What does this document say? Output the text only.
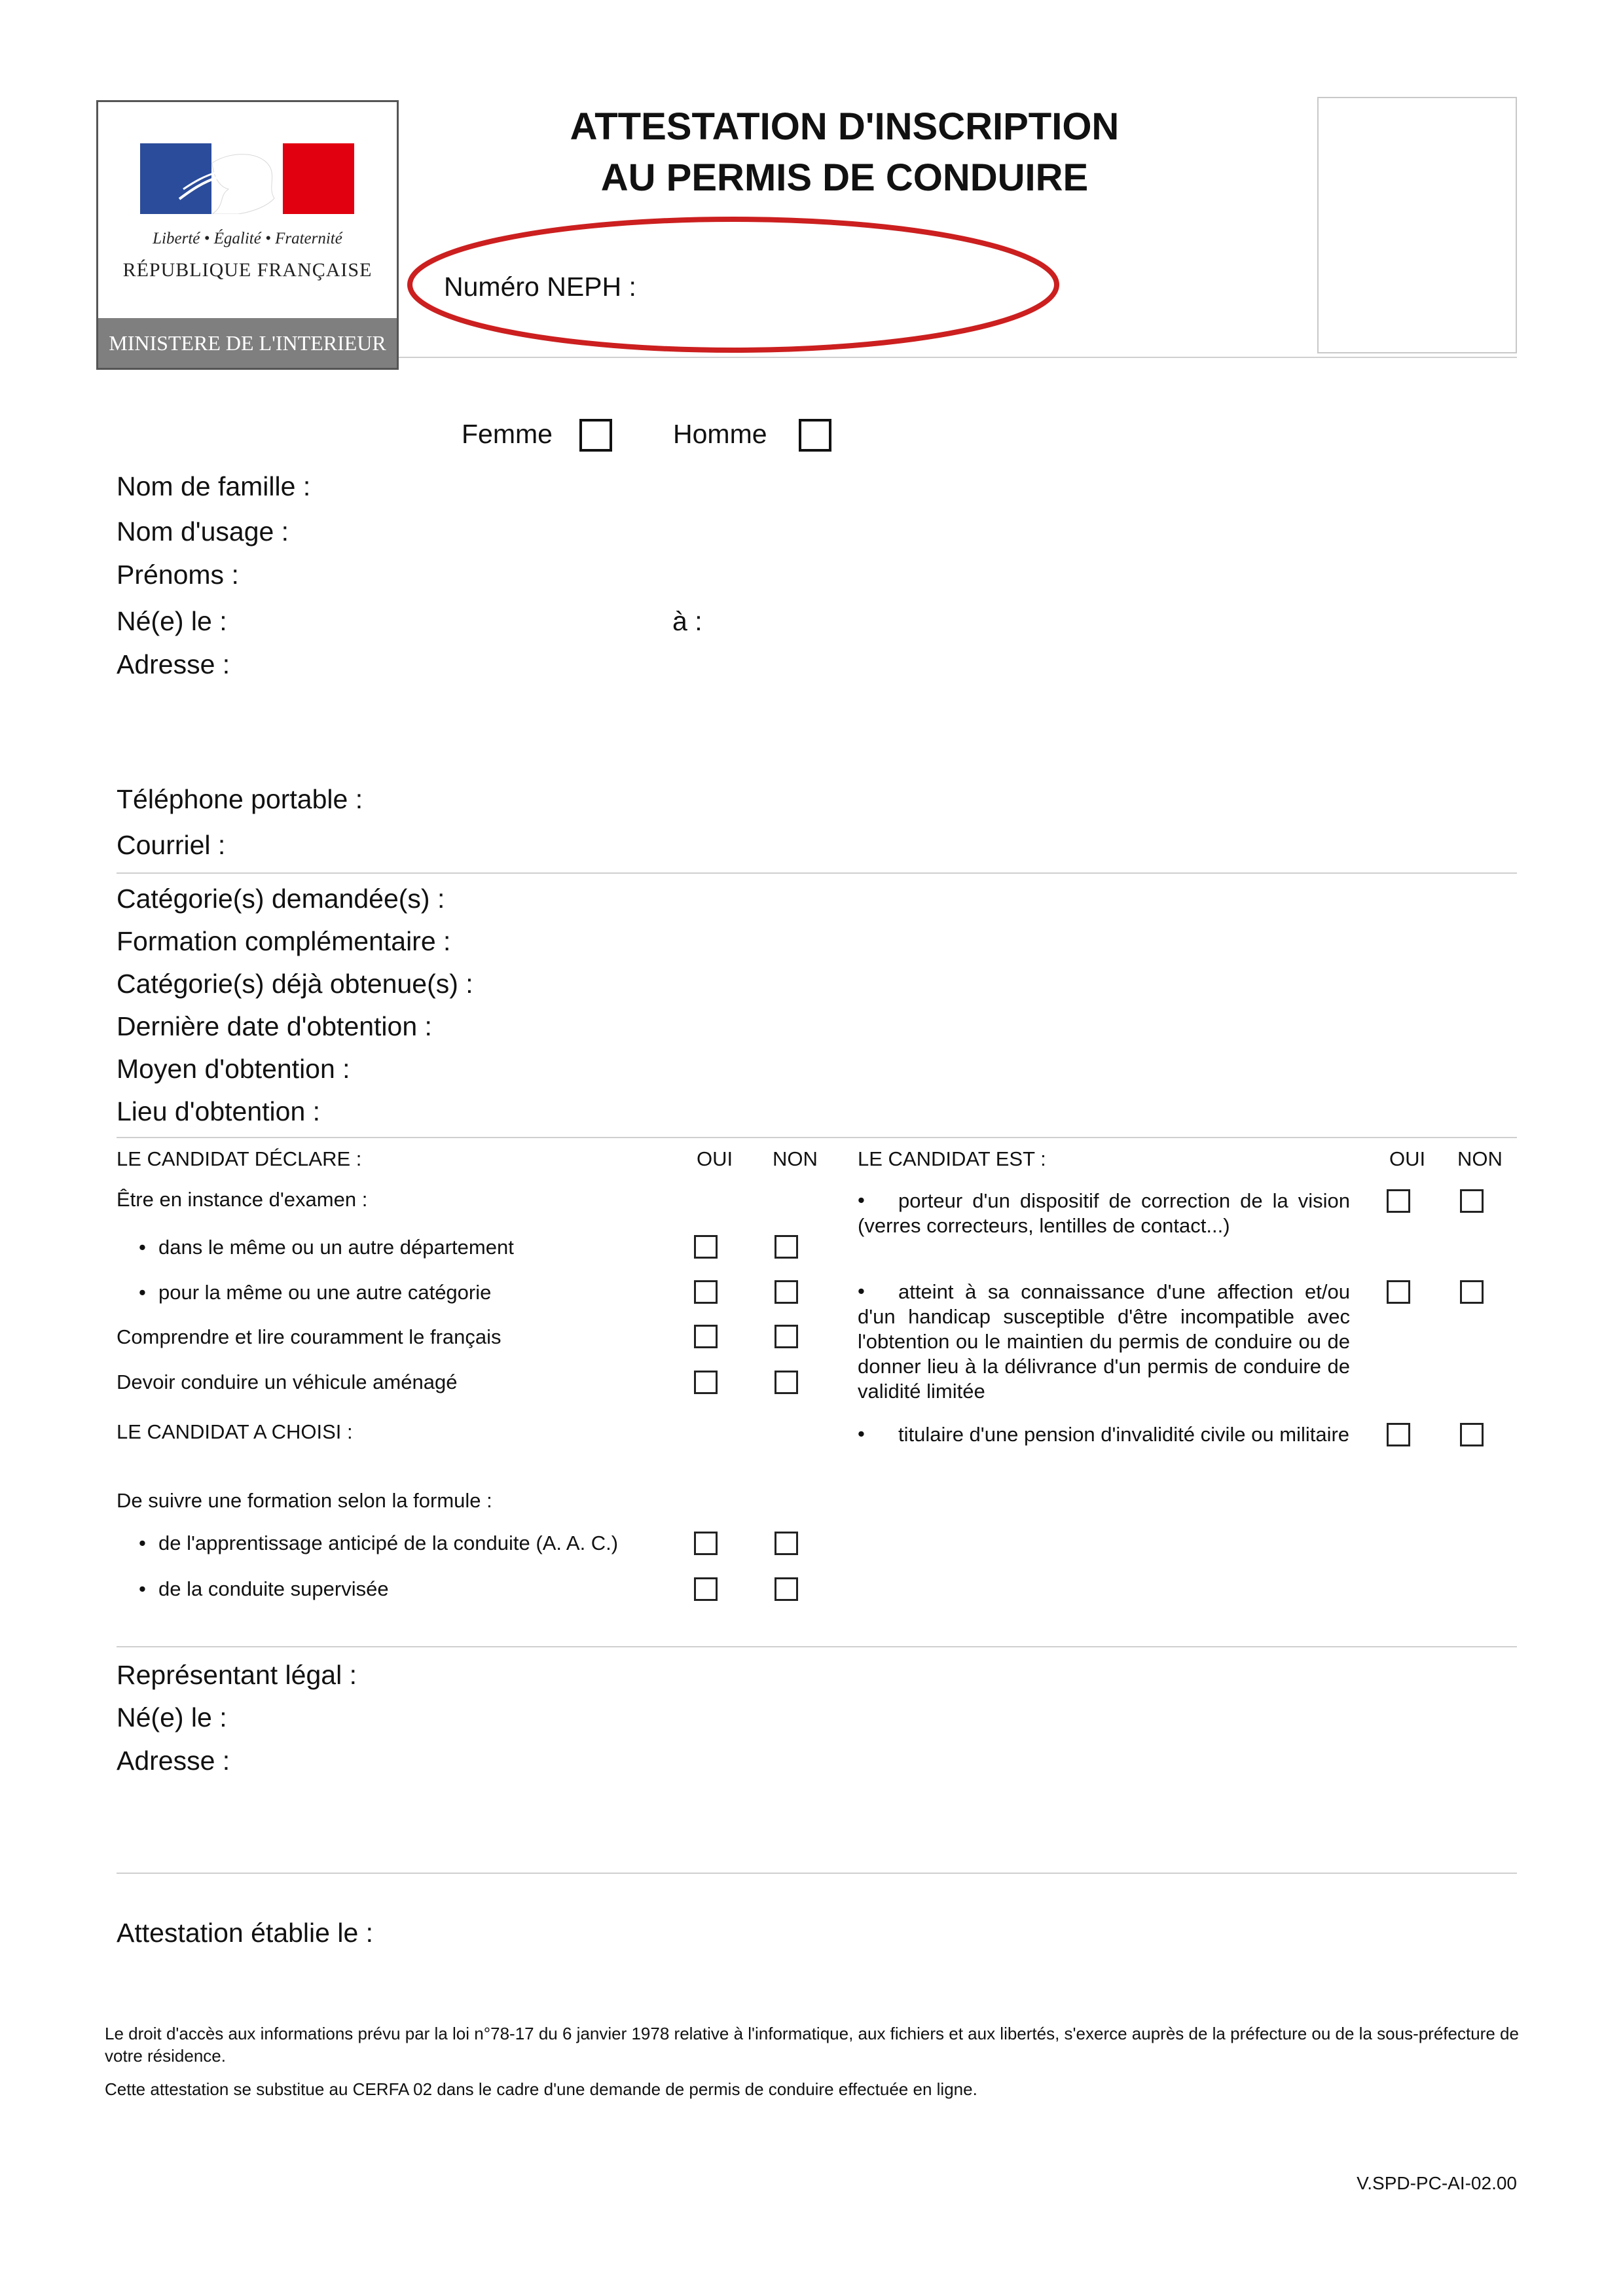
Liberté • Égalité • Fraternité
RÉPUBLIQUE FRANÇAISE
MINISTERE DE L'INTERIEUR
ATTESTATION D'INSCRIPTION
AU PERMIS DE CONDUIRE
Numéro NEPH :
Femme	Homme
Nom de famille :
Nom d'usage :
Prénoms :
Né(e) le :	à :
Adresse :
Téléphone portable :
Courriel :
Catégorie(s) demandée(s) :
Formation complémentaire :
Catégorie(s) déjà obtenue(s) :
Dernière date d'obtention :
Moyen d'obtention :
Lieu d'obtention :
LE CANDIDAT DÉCLARE :	OUI NON
Être en instance d'examen :
• dans le même ou un autre département
• pour la même ou une autre catégorie
Comprendre et lire couramment le français
Devoir conduire un véhicule aménagé
LE CANDIDAT A CHOISI :
De suivre une formation selon la formule :
• de l'apprentissage anticipé de la conduite (A. A. C.)
• de la conduite supervisée
LE CANDIDAT EST :	OUI NON
porteur d'un dispositif de correction de la vision (verres correcteurs, lentilles de contact...)
•
atteint à sa connaissance d'une affection et/ou d'un handicap susceptible d'être incompatible avec l'obtention ou le maintien du permis de conduire ou de donner lieu à la délivrance d'un permis de conduire de validité limitée
•
titulaire d'une pension d'invalidité civile ou militaire
•
Représentant légal :
Né(e) le :
Adresse :
Attestation établie le :
Le droit d'accès aux informations prévu par la loi n°78-17 du 6 janvier 1978 relative à l'informatique, aux fichiers et aux libertés, s'exerce auprès de la préfecture ou de la sous-préfecture de votre résidence.
Cette attestation se substitue au CERFA 02 dans le cadre d'une demande de permis de conduire effectuée en ligne.
V.SPD-PC-AI-02.00
